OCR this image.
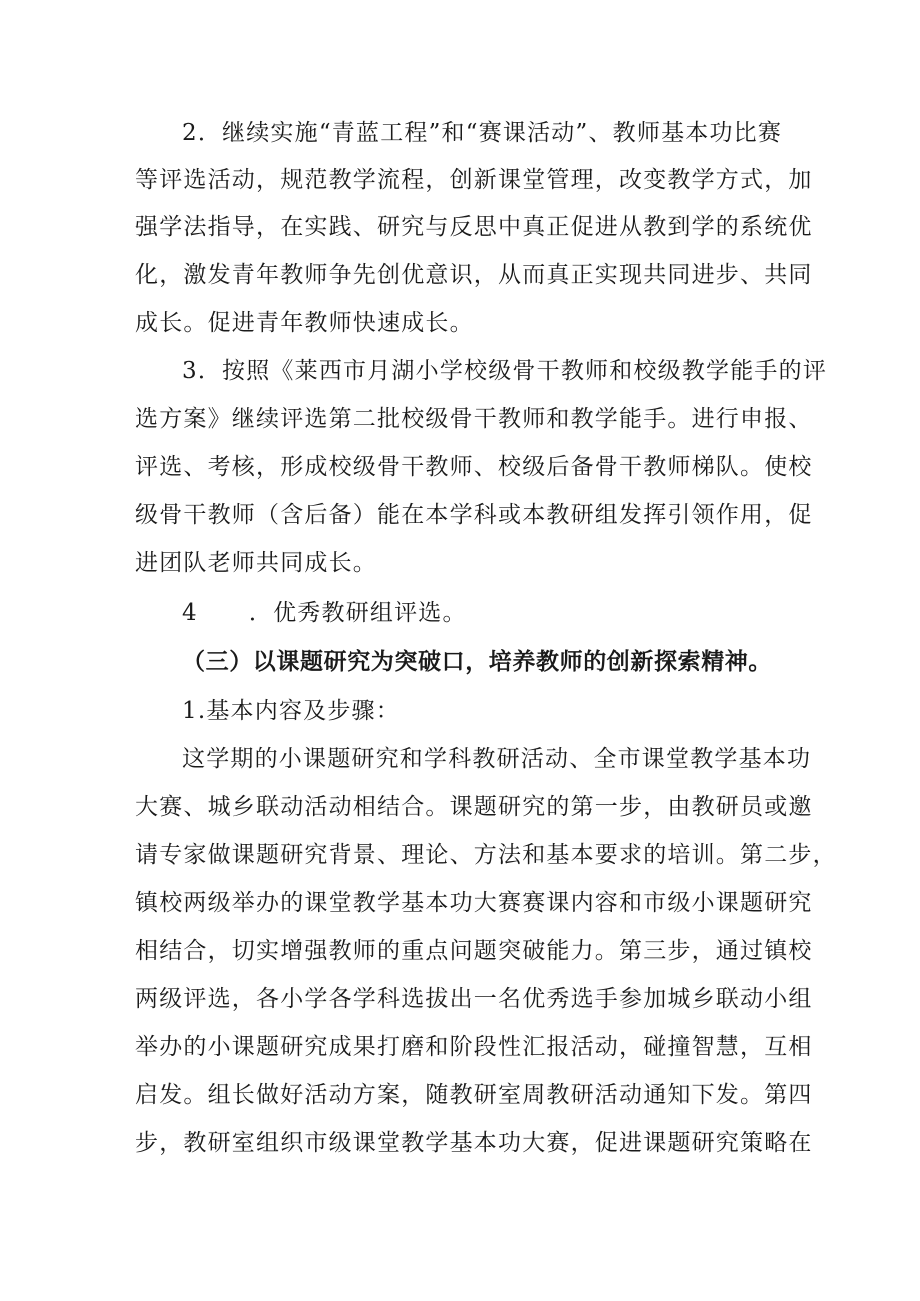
2．继续实施“青蓝工程”和“赛课活动”、教师基本功比赛
等评选活动，规范教学流程，创新课堂管理，改变教学方式，加
强学法指导，在实践、研究与反思中真正促进从教到学的系统优
化，激发青年教师争先创优意识，从而真正实现共同进步、共同
成长。促进青年教师快速成长。
3．按照《莱西市月湖小学校级骨干教师和校级教学能手的评
选方案》继续评选第二批校级骨干教师和教学能手。进行申报、
评选、考核，形成校级骨干教师、校级后备骨干教师梯队。使校
级骨干教师（含后备）能在本学科或本教研组发挥引领作用，促
进团队老师共同成长。
4      ．优秀教研组评选。
（三）以课题研究为突破口，培养教师的创新探索精神。
1.基本内容及步骤：
这学期的小课题研究和学科教研活动、全市课堂教学基本功
大赛、城乡联动活动相结合。课题研究的第一步，由教研员或邀
请专家做课题研究背景、理论、方法和基本要求的培训。第二步，
镇校两级举办的课堂教学基本功大赛赛课内容和市级小课题研究
相结合，切实增强教师的重点问题突破能力。第三步，通过镇校
两级评选，各小学各学科选拔出一名优秀选手参加城乡联动小组
举办的小课题研究成果打磨和阶段性汇报活动，碰撞智慧，互相
启发。组长做好活动方案，随教研室周教研活动通知下发。第四
步，教研室组织市级课堂教学基本功大赛，促进课题研究策略在
